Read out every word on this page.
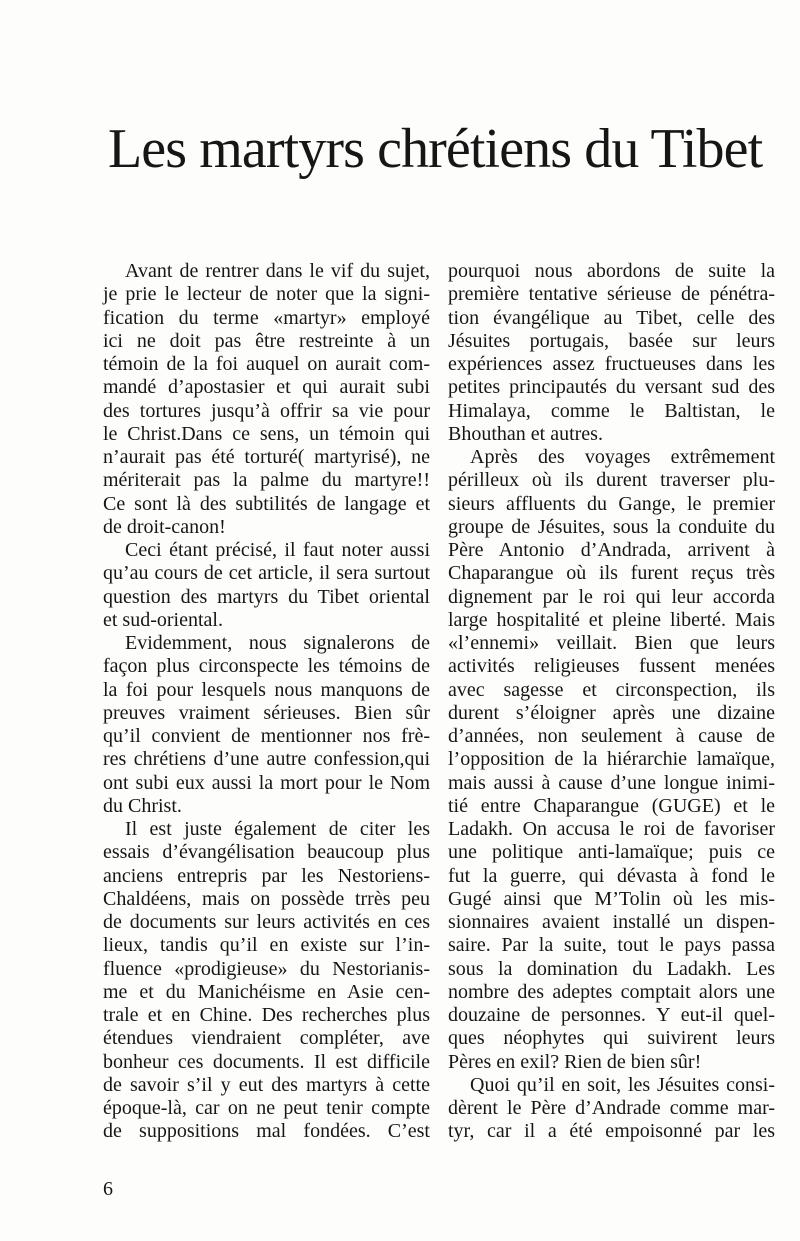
Les martyrs chrétiens du Tibet
Avant de rentrer dans le vif du sujet,
je prie le lecteur de noter que la signi-
fication du terme «martyr» employé
ici ne doit pas être restreinte à un
témoin de la foi auquel on aurait com-
mandé d’apostasier et qui aurait subi
des tortures jusqu’à offrir sa vie pour
le Christ.Dans ce sens, un témoin qui
n’aurait pas été torturé( martyrisé), ne
mériterait pas la palme du martyre!!
Ce sont là des subtilités de langage et
de droit-canon!
Ceci étant précisé, il faut noter aussi
qu’au cours de cet article, il sera surtout
question des martyrs du Tibet oriental
et sud-oriental.
Evidemment, nous signalerons de
façon plus circonspecte les témoins de
la foi pour lesquels nous manquons de
preuves vraiment sérieuses. Bien sûr
qu’il convient de mentionner nos frè-
res chrétiens d’une autre confession,qui
ont subi eux aussi la mort pour le Nom
du Christ.
Il est juste également de citer les
essais d’évangélisation beaucoup plus
anciens entrepris par les Nestoriens-
Chaldéens, mais on possède trrès peu
de documents sur leurs activités en ces
lieux, tandis qu’il en existe sur l’in-
fluence «prodigieuse» du Nestorianis-
me et du Manichéisme en Asie cen-
trale et en Chine. Des recherches plus
étendues viendraient compléter, ave
bonheur ces documents. Il est difficile
de savoir s’il y eut des martyrs à cette
époque-là, car on ne peut tenir compte
de suppositions mal fondées. C’est
pourquoi nous abordons de suite la
première tentative sérieuse de pénétra-
tion évangélique au Tibet, celle des
Jésuites portugais, basée sur leurs
expériences assez fructueuses dans les
petites principautés du versant sud des
Himalaya, comme le Baltistan, le
Bhouthan et autres.
Après des voyages extrêmement
périlleux où ils durent traverser plu-
sieurs affluents du Gange, le premier
groupe de Jésuites, sous la conduite du
Père Antonio d’Andrada, arrivent à
Chaparangue où ils furent reçus très
dignement par le roi qui leur accorda
large hospitalité et pleine liberté. Mais
«l’ennemi» veillait. Bien que leurs
activités religieuses fussent menées
avec sagesse et circonspection, ils
durent s’éloigner après une dizaine
d’années, non seulement à cause de
l’opposition de la hiérarchie lamaïque,
mais aussi à cause d’une longue inimi-
tié entre Chaparangue (GUGE) et le
Ladakh. On accusa le roi de favoriser
une politique anti-lamaïque; puis ce
fut la guerre, qui dévasta à fond le
Gugé ainsi que M’Tolin où les mis-
sionnaires avaient installé un dispen-
saire. Par la suite, tout le pays passa
sous la domination du Ladakh. Les
nombre des adeptes comptait alors une
douzaine de personnes. Y eut-il quel-
ques néophytes qui suivirent leurs
Pères en exil? Rien de bien sûr!
Quoi qu’il en soit, les Jésuites consi-
dèrent le Père d’Andrade comme mar-
tyr, car il a été empoisonné par les
6
